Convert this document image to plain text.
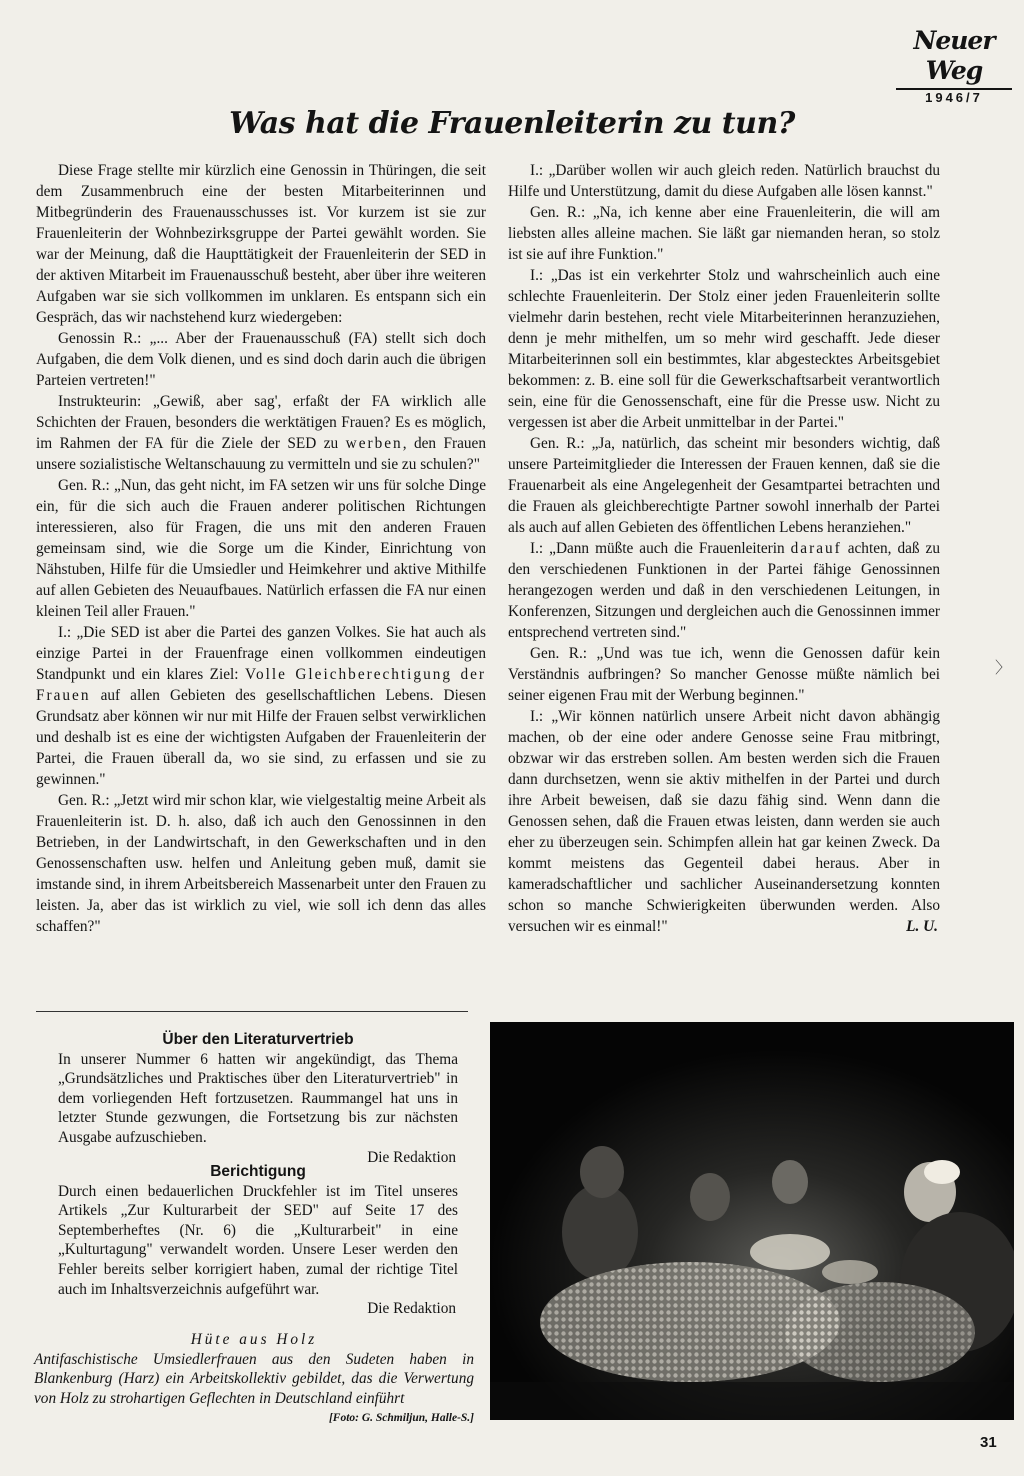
Neuer Weg
1946/7
Was hat die Frauenleiterin zu tun?

Diese Frage stellte mir kürzlich eine Genossin in Thüringen, die seit dem Zusammenbruch eine der besten Mitarbeiterinnen und Mitbegründerin des Frauenausschusses ist. Vor kurzem ist sie zur Frauenleiterin der Wohnbezirksgruppe der Partei gewählt worden. Sie war der Meinung, daß die Haupttätigkeit der Frauenleiterin der SED in der aktiven Mitarbeit im Frauenausschuß besteht, aber über ihre weiteren Aufgaben war sie sich vollkommen im unklaren. Es entspann sich ein Gespräch, das wir nachstehend kurz wiedergeben:

Genossin R.: „... Aber der Frauenausschuß (FA) stellt sich doch Aufgaben, die dem Volk dienen, und es sind doch darin auch die übrigen Parteien vertreten!"

Instrukteurin: „Gewiß, aber sag', erfaßt der FA wirklich alle Schichten der Frauen, besonders die werktätigen Frauen? Es es möglich, im Rahmen der FA für die Ziele der SED zu werben, den Frauen unsere sozialistische Weltanschauung zu vermitteln und sie zu schulen?"

Gen. R.: „Nun, das geht nicht, im FA setzen wir uns für solche Dinge ein, für die sich auch die Frauen anderer politischen Richtungen interessieren, also für Fragen, die uns mit den anderen Frauen gemeinsam sind, wie die Sorge um die Kinder, Einrichtung von Nähstuben, Hilfe für die Umsiedler und Heimkehrer und aktive Mithilfe auf allen Gebieten des Neuaufbaues. Natürlich erfassen die FA nur einen kleinen Teil aller Frauen."

I.: „Die SED ist aber die Partei des ganzen Volkes. Sie hat auch als einzige Partei in der Frauenfrage einen vollkommen eindeutigen Standpunkt und ein klares Ziel: Volle Gleichberechtigung der Frauen auf allen Gebieten des gesellschaftlichen Lebens. Diesen Grundsatz aber können wir nur mit Hilfe der Frauen selbst verwirklichen und deshalb ist es eine der wichtigsten Aufgaben der Frauenleiterin der Partei, die Frauen überall da, wo sie sind, zu erfassen und sie zu gewinnen."

Gen. R.: „Jetzt wird mir schon klar, wie vielgestaltig meine Arbeit als Frauenleiterin ist. D. h. also, daß ich auch den Genossinnen in den Betrieben, in der Landwirtschaft, in den Gewerkschaften und in den Genossenschaften usw. helfen und Anleitung geben muß, damit sie imstande sind, in ihrem Arbeitsbereich Massenarbeit unter den Frauen zu leisten. Ja, aber das ist wirklich zu viel, wie soll ich denn das alles schaffen?"

I.: „Darüber wollen wir auch gleich reden. Natürlich brauchst du Hilfe und Unterstützung, damit du diese Aufgaben alle lösen kannst."

Gen. R.: „Na, ich kenne aber eine Frauenleiterin, die will am liebsten alles alleine machen. Sie läßt gar niemanden heran, so stolz ist sie auf ihre Funktion."

I.: „Das ist ein verkehrter Stolz und wahrscheinlich auch eine schlechte Frauenleiterin. Der Stolz einer jeden Frauenleiterin sollte vielmehr darin bestehen, recht viele Mitarbeiterinnen heranzuziehen, denn je mehr mithelfen, um so mehr wird geschafft. Jede dieser Mitarbeiterinnen soll ein bestimmtes, klar abgestecktes Arbeitsgebiet bekommen: z. B. eine soll für die Gewerkschaftsarbeit verantwortlich sein, eine für die Genossenschaft, eine für die Presse usw. Nicht zu vergessen ist aber die Arbeit unmittelbar in der Partei."

Gen. R.: „Ja, natürlich, das scheint mir besonders wichtig, daß unsere Parteimitglieder die Interessen der Frauen kennen, daß sie die Frauenarbeit als eine Angelegenheit der Gesamtpartei betrachten und die Frauen als gleichberechtigte Partner sowohl innerhalb der Partei als auch auf allen Gebieten des öffentlichen Lebens heranziehen."

I.: „Dann müßte auch die Frauenleiterin darauf achten, daß zu den verschiedenen Funktionen in der Partei fähige Genossinnen herangezogen werden und daß in den verschiedenen Leitungen, in Konferenzen, Sitzungen und dergleichen auch die Genossinnen immer entsprechend vertreten sind."

Gen. R.: „Und was tue ich, wenn die Genossen dafür kein Verständnis aufbringen? So mancher Genosse müßte nämlich bei seiner eigenen Frau mit der Werbung beginnen."

I.: „Wir können natürlich unsere Arbeit nicht davon abhängig machen, ob der eine oder andere Genosse seine Frau mitbringt, obzwar wir das erstreben sollen. Am besten werden sich die Frauen dann durchsetzen, wenn sie aktiv mithelfen in der Partei und durch ihre Arbeit beweisen, daß sie dazu fähig sind. Wenn dann die Genossen sehen, daß die Frauen etwas leisten, dann werden sie auch eher zu überzeugen sein. Schimpfen allein hat gar keinen Zweck. Da kommt meistens das Gegenteil dabei heraus. Aber in kameradschaftlicher und sachlicher Auseinandersetzung konnten schon so manche Schwierigkeiten überwunden werden. Also versuchen wir es einmal!"	L. U.

〉
Über den Literaturvertrieb

In unserer Nummer 6 hatten wir angekündigt, das Thema „Grundsätzliches und Praktisches über den Literaturvertrieb" in dem vorliegenden Heft fortzusetzen. Raummangel hat uns in letzter Stunde gezwungen, die Fortsetzung bis zur nächsten Ausgabe aufzuschieben.

Die Redaktion

Berichtigung

Durch einen bedauerlichen Druckfehler ist im Titel unseres Artikels „Zur Kulturarbeit der SED" auf Seite 17 des Septemberheftes (Nr. 6) die „Kulturarbeit" in eine „Kulturtagung" verwandelt worden. Unsere Leser werden den Fehler bereits selber korrigiert haben, zumal der richtige Titel auch im Inhaltsverzeichnis aufgeführt war.

Die Redaktion

Hüte aus Holz
Antifaschistische Umsiedlerfrauen aus den Sudeten haben in Blankenburg (Harz) ein Arbeitskollektiv gebildet, das die Verwertung von Holz zu strohartigen Geflechten in Deutschland einführt
[Foto: G. Schmiljun, Halle-S.]
31
